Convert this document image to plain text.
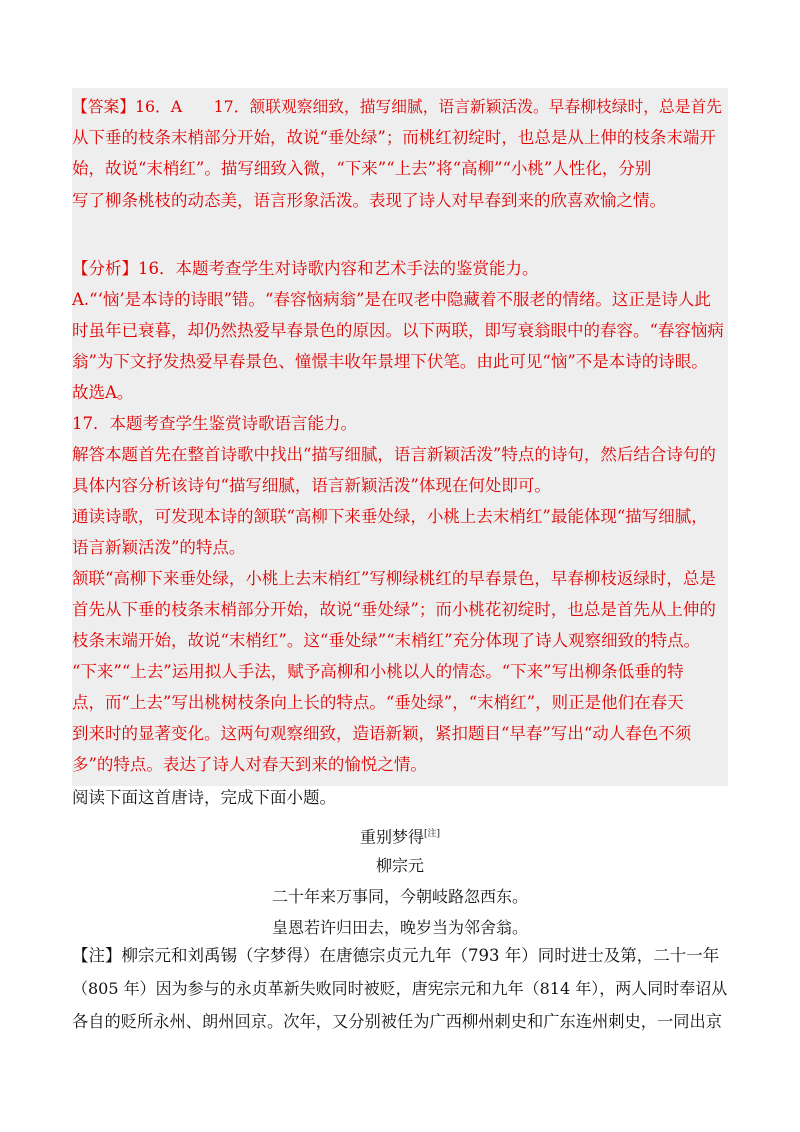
【答案】16．A　　17．颔联观察细致，描写细腻，语言新颖活泼。早春柳枝绿时，总是首先
从下垂的枝条末梢部分开始，故说“垂处绿”；而桃红初绽时，也总是从上伸的枝条末端开
始，故说“末梢红”。描写细致入微，“下来”“上去”将“高柳”“小桃”人性化，分别
写了柳条桃枝的动态美，语言形象活泼。表现了诗人对早春到来的欣喜欢愉之情。
【分析】16．本题考查学生对诗歌内容和艺术手法的鉴赏能力。
A.“‘恼’是本诗的诗眼”错。“春容恼病翁”是在叹老中隐藏着不服老的情绪。这正是诗人此
时虽年已衰暮，却仍然热爱早春景色的原因。以下两联，即写衰翁眼中的春容。“春容恼病
翁”为下文抒发热爱早春景色、憧憬丰收年景埋下伏笔。由此可见“恼”不是本诗的诗眼。
故选A。
17．本题考查学生鉴赏诗歌语言能力。
解答本题首先在整首诗歌中找出“描写细腻，语言新颖活泼”特点的诗句，然后结合诗句的
具体内容分析该诗句“描写细腻，语言新颖活泼”体现在何处即可。
通读诗歌，可发现本诗的颔联“高柳下来垂处绿，小桃上去末梢红”最能体现“描写细腻，
语言新颖活泼”的特点。
颔联“高柳下来垂处绿，小桃上去末梢红”写柳绿桃红的早春景色，早春柳枝返绿时，总是
首先从下垂的枝条末梢部分开始，故说“垂处绿”；而小桃花初绽时，也总是首先从上伸的
枝条末端开始，故说“末梢红”。这“垂处绿”“末梢红”充分体现了诗人观察细致的特点。
“下来”“上去”运用拟人手法，赋予高柳和小桃以人的情态。“下来”写出柳条低垂的特
点，而“上去”写出桃树枝条向上长的特点。“垂处绿”，“末梢红”，则正是他们在春天
到来时的显著变化。这两句观察细致，造语新颖，紧扣题目“早春”写出“动人春色不须
多”的特点。表达了诗人对春天到来的愉悦之情。
阅读下面这首唐诗，完成下面小题。
重别梦得[注]
柳宗元
二十年来万事同，今朝岐路忽西东。
皇恩若许归田去，晚岁当为邻舍翁。
【注】柳宗元和刘禹锡（字梦得）在唐德宗贞元九年（793 年）同时进士及第，二十一年
（805 年）因为参与的永贞革新失败同时被贬，唐宪宗元和九年（814 年），两人同时奉诏从
各自的贬所永州、朗州回京。次年，又分别被任为广西柳州刺史和广东连州刺史，一同出京
